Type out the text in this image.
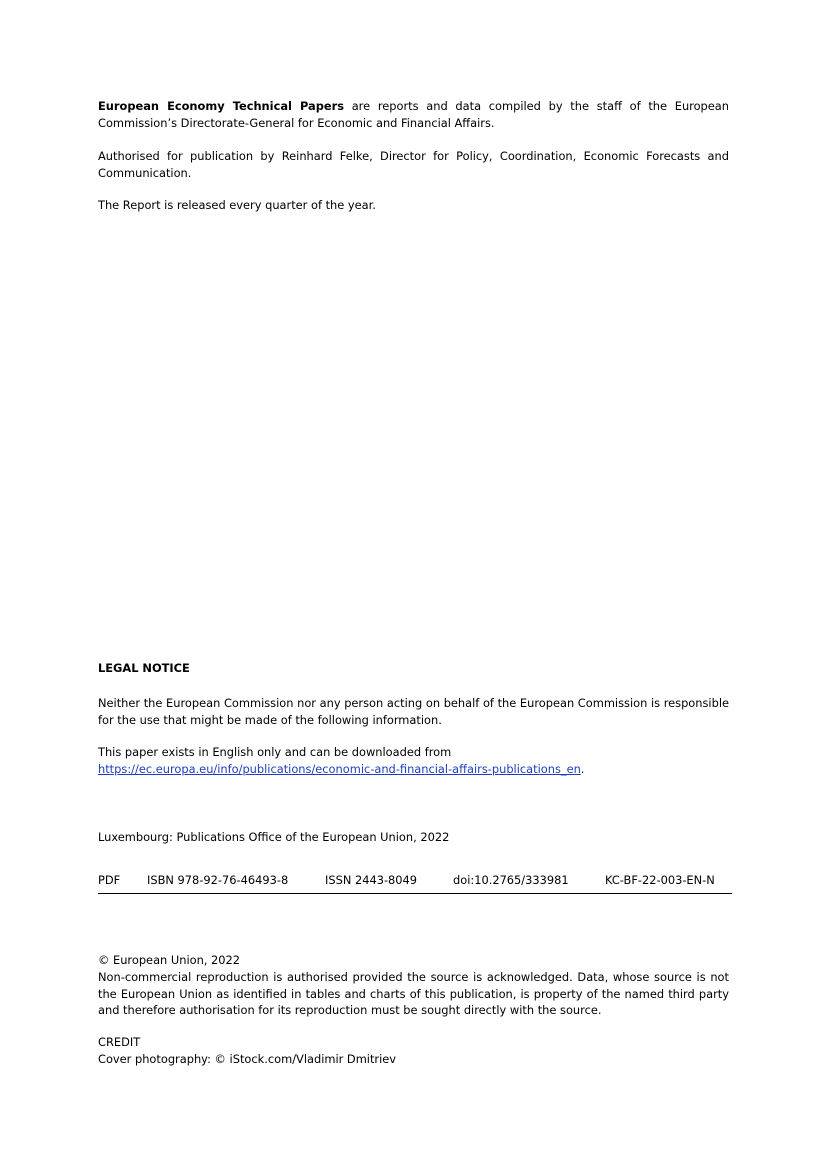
European Economy Technical Papers are reports and data compiled by the staff of the European Commission’s Directorate-General for Economic and Financial Affairs.
Authorised for publication by Reinhard Felke, Director for Policy, Coordination, Economic Forecasts and Communication.
The Report is released every quarter of the year.
LEGAL NOTICE
Neither the European Commission nor any person acting on behalf of the European Commission is responsible for the use that might be made of the following information.
This paper exists in English only and can be downloaded from
https://ec.europa.eu/info/publications/economic-and-financial-affairs-publications_en.
Luxembourg: Publications Office of the European Union, 2022
PDF ISBN 978-92-76-46493-8	ISSN 2443-8049	doi:10.2765/333981	KC-BF-22-003-EN-N
© European Union, 2022
Non-commercial reproduction is authorised provided the source is acknowledged. Data, whose source is not the European Union as identified in tables and charts of this publication, is property of the named third party and therefore authorisation for its reproduction must be sought directly with the source.
CREDIT
Cover photography: © iStock.com/Vladimir Dmitriev
